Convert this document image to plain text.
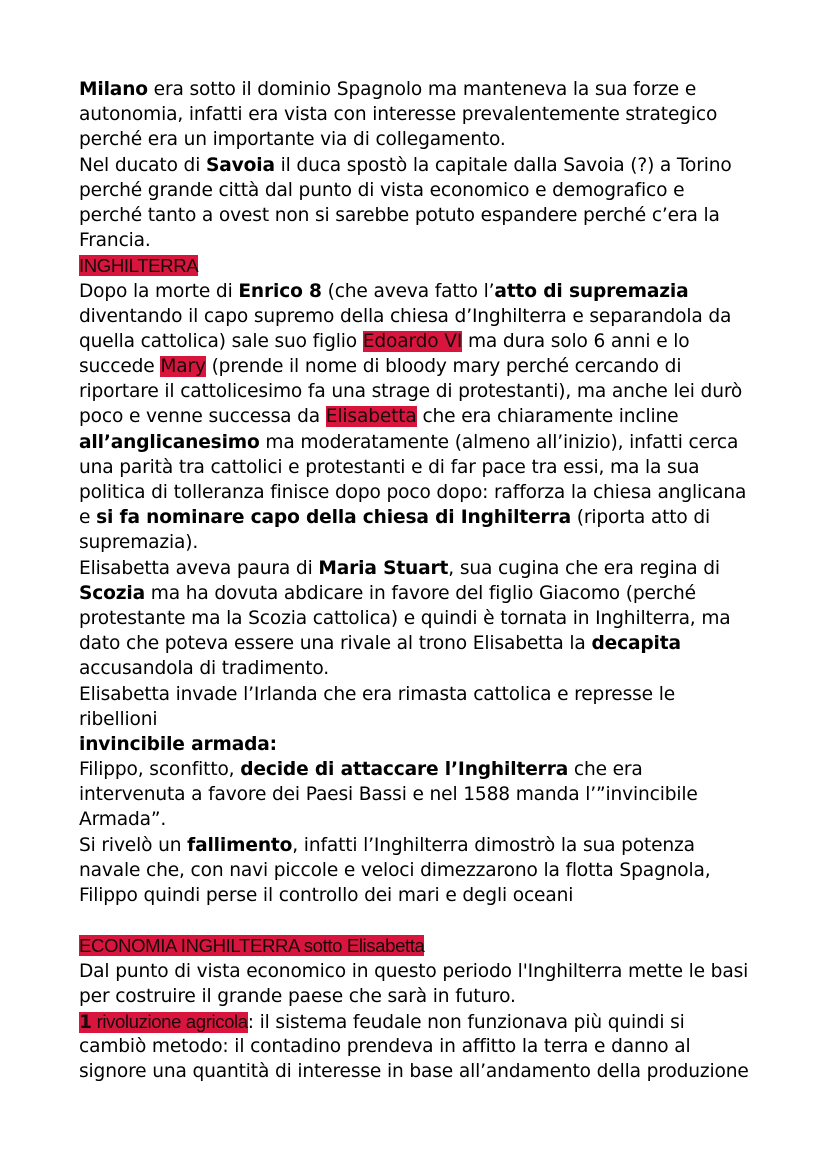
Milano era sotto il dominio Spagnolo ma manteneva la sua forze e
autonomia, infatti era vista con interesse prevalentemente strategico
perché era un importante via di collegamento.
Nel ducato di Savoia il duca spostò la capitale dalla Savoia (?) a Torino
perché grande città dal punto di vista economico e demografico e
perché tanto a ovest non si sarebbe potuto espandere perché c’era la
Francia.
INGHILTERRA
Dopo la morte di Enrico 8 (che aveva fatto l’atto di supremazia
diventando il capo supremo della chiesa d’Inghilterra e separandola da
quella cattolica) sale suo figlio Edoardo VI ma dura solo 6 anni e lo
succede Mary (prende il nome di bloody mary perché cercando di
riportare il cattolicesimo fa una strage di protestanti), ma anche lei durò
poco e venne successa da Elisabetta che era chiaramente incline
all’anglicanesimo ma moderatamente (almeno all’inizio), infatti cerca
una parità tra cattolici e protestanti e di far pace tra essi, ma la sua
politica di tolleranza finisce dopo poco dopo: rafforza la chiesa anglicana
e si fa nominare capo della chiesa di Inghilterra (riporta atto di
supremazia).
Elisabetta aveva paura di Maria Stuart, sua cugina che era regina di
Scozia ma ha dovuta abdicare in favore del figlio Giacomo (perché
protestante ma la Scozia cattolica) e quindi è tornata in Inghilterra, ma
dato che poteva essere una rivale al trono Elisabetta la decapita
accusandola di tradimento.
Elisabetta invade l’Irlanda che era rimasta cattolica e represse le
ribellioni
invincibile armada:
Filippo, sconfitto, decide di attaccare l’Inghilterra che era
intervenuta a favore dei Paesi Bassi e nel 1588 manda l’”invincibile
Armada”.
Si rivelò un fallimento, infatti l’Inghilterra dimostrò la sua potenza
navale che, con navi piccole e veloci dimezzarono la flotta Spagnola,
Filippo quindi perse il controllo dei mari e degli oceani
ECONOMIA INGHILTERRA sotto Elisabetta
Dal punto di vista economico in questo periodo l'Inghilterra mette le basi
per costruire il grande paese che sarà in futuro.
1 rivoluzione agricola: il sistema feudale non funzionava più quindi si
cambiò metodo: il contadino prendeva in affitto la terra e danno al
signore una quantità di interesse in base all’andamento della produzione
